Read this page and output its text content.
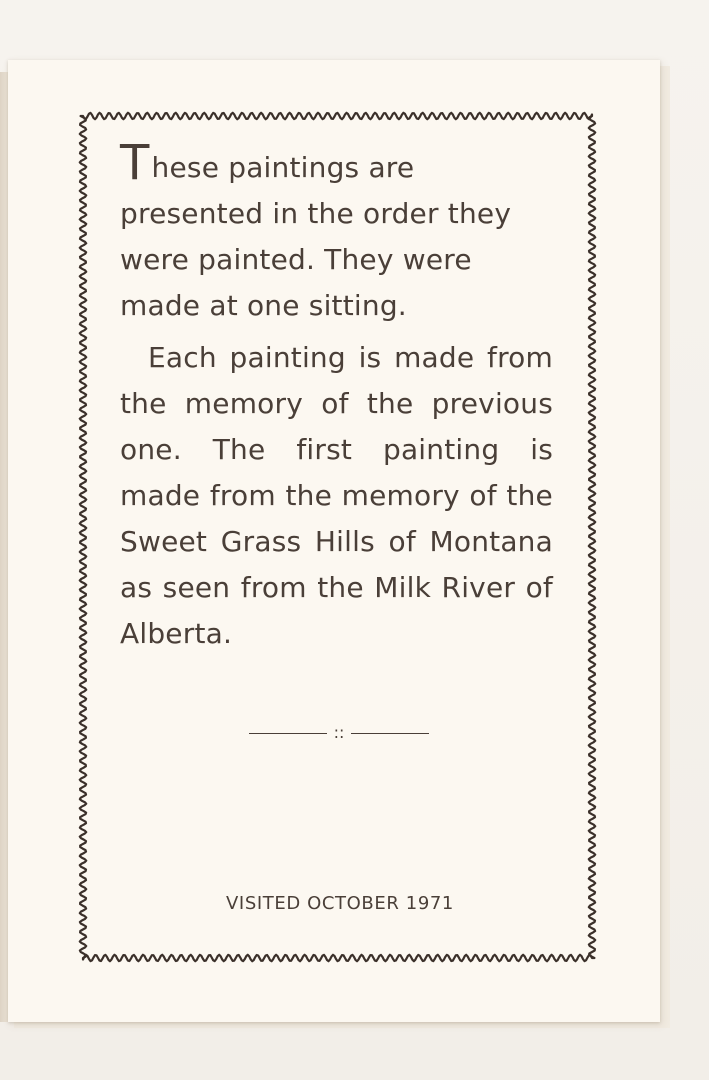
These paintings are presented in the order they were painted. They were made at one sitting.

Each painting is made from the memory of the previous one. The first painting is made from the memory of the Sweet Grass Hills of Montana as seen from the Milk River of Alberta.

::
VISITED OCTOBER 1971
